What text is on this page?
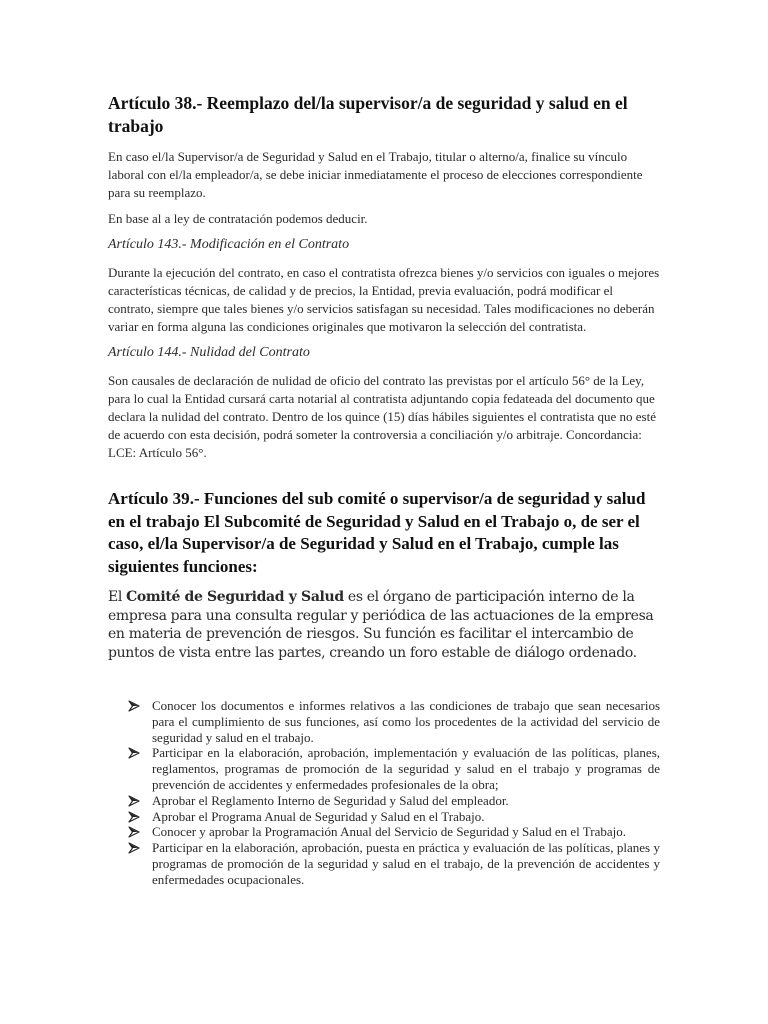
Artículo 38.- Reemplazo del/la supervisor/a de seguridad y salud en el trabajo

En caso el/la Supervisor/a de Seguridad y Salud en el Trabajo, titular o alterno/a, finalice su vínculo laboral con el/la empleador/a, se debe iniciar inmediatamente el proceso de elecciones correspondiente para su reemplazo.

En base al a ley de contratación podemos deducir.

Artículo 143.- Modificación en el Contrato

Durante la ejecución del contrato, en caso el contratista ofrezca bienes y/o servicios con iguales o mejores características técnicas, de calidad y de precios, la Entidad, previa evaluación, podrá modificar el contrato, siempre que tales bienes y/o servicios satisfagan su necesidad. Tales modificaciones no deberán variar en forma alguna las condiciones originales que motivaron la selección del contratista.

Artículo 144.- Nulidad del Contrato

Son causales de declaración de nulidad de oficio del contrato las previstas por el artículo 56° de la Ley, para lo cual la Entidad cursará carta notarial al contratista adjuntando copia fedateada del documento que declara la nulidad del contrato. Dentro de los quince (15) días hábiles siguientes el contratista que no esté de acuerdo con esta decisión, podrá someter la controversia a conciliación y/o arbitraje. Concordancia: LCE: Artículo 56°.

Artículo 39.- Funciones del sub comité o supervisor/a de seguridad y salud en el trabajo El Subcomité de Seguridad y Salud en el Trabajo o, de ser el caso, el/la Supervisor/a de Seguridad y Salud en el Trabajo, cumple las siguientes funciones:

El Comité de Seguridad y Salud es el órgano de participación interno de la empresa para una consulta regular y periódica de las actuaciones de la empresa en materia de prevención de riesgos. Su función es facilitar el intercambio de puntos de vista entre las partes, creando un foro estable de diálogo ordenado.

Conocer los documentos e informes relativos a las condiciones de trabajo que sean necesarios para el cumplimiento de sus funciones, así como los procedentes de la actividad del servicio de seguridad y salud en el trabajo.
Participar en la elaboración, aprobación, implementación y evaluación de las políticas, planes, reglamentos, programas de promoción de la seguridad y salud en el trabajo y programas de prevención de accidentes y enfermedades profesionales de la obra;
Aprobar el Reglamento Interno de Seguridad y Salud del empleador.
Aprobar el Programa Anual de Seguridad y Salud en el Trabajo.
Conocer y aprobar la Programación Anual del Servicio de Seguridad y Salud en el Trabajo.
Participar en la elaboración, aprobación, puesta en práctica y evaluación de las políticas, planes y programas de promoción de la seguridad y salud en el trabajo, de la prevención de accidentes y enfermedades ocupacionales.
